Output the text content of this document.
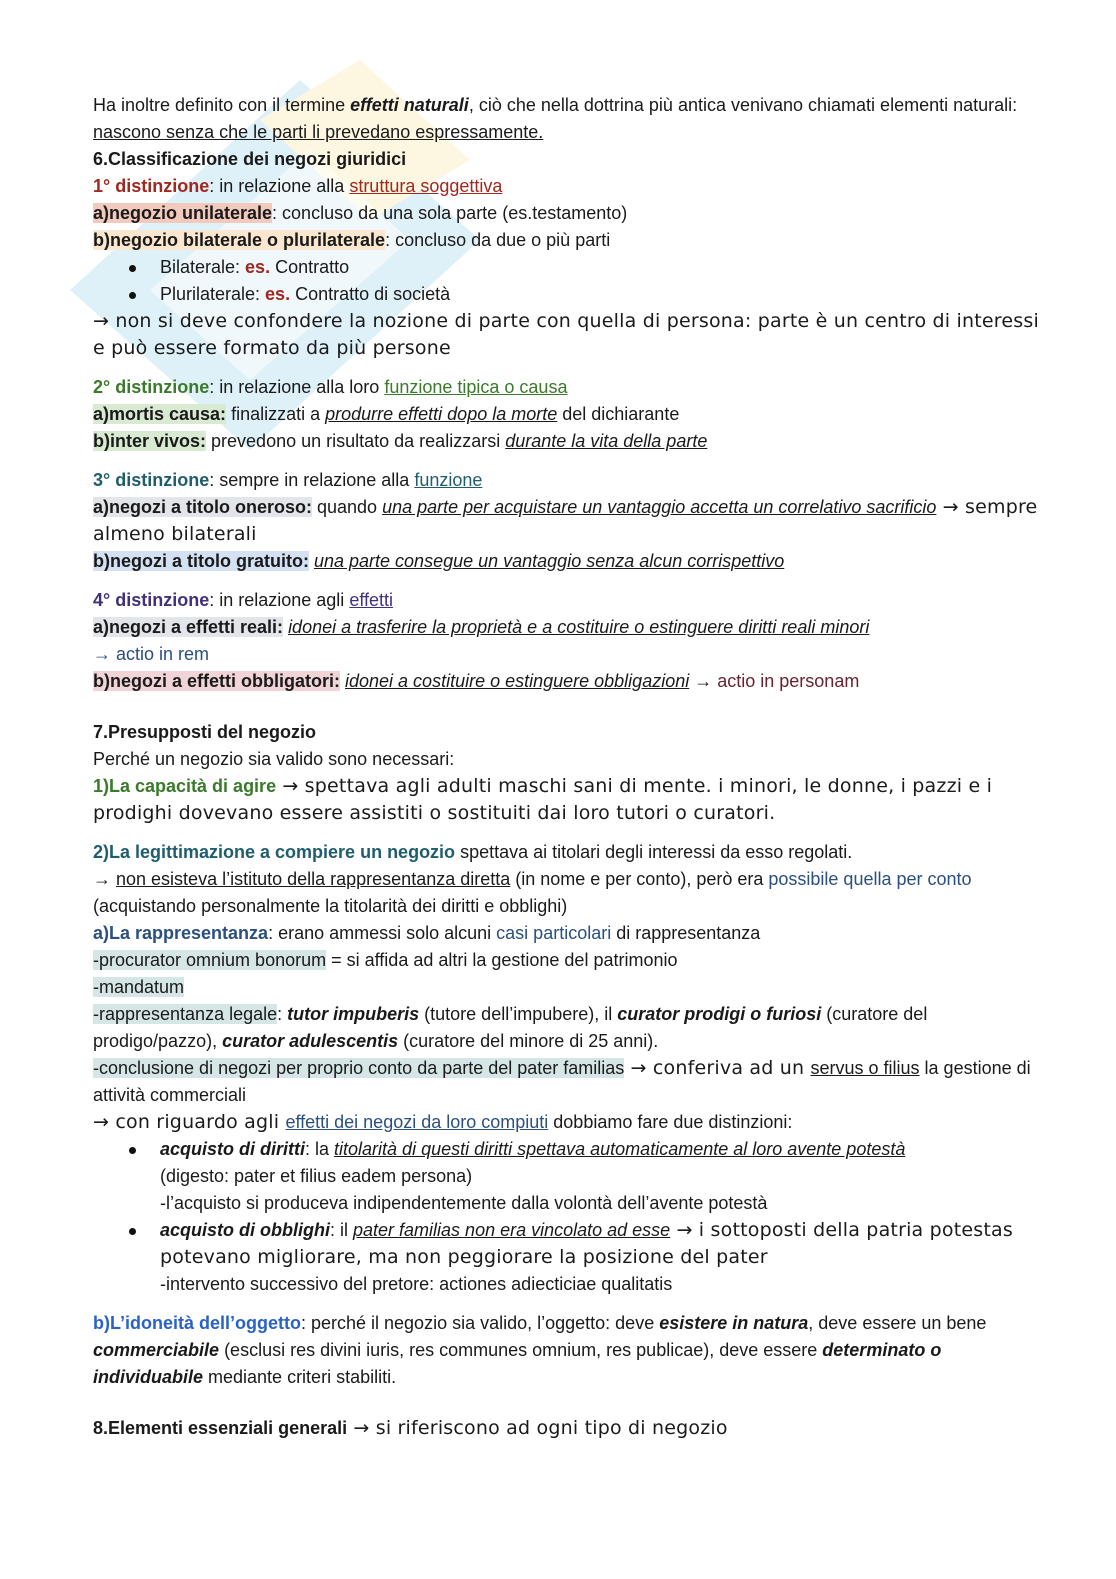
Ha inoltre definito con il termine effetti naturali, ciò che nella dottrina più antica venivano chiamati elementi naturali: nascono senza che le parti li prevedano espressamente.

6.Classificazione dei negozi giuridici

1° distinzione: in relazione alla struttura soggettiva

a)negozio unilaterale: concluso da una sola parte (es.testamento)

b)negozio bilaterale o plurilaterale: concluso da due o più parti

Bilaterale: es. Contratto
Plurilaterale: es. Contratto di società

→ non si deve confondere la nozione di parte con quella di persona: parte è un centro di interessi e può essere formato da più persone

2° distinzione: in relazione alla loro funzione tipica o causa

a)mortis causa: finalizzati a produrre effetti dopo la morte del dichiarante

b)inter vivos: prevedono un risultato da realizzarsi durante la vita della parte

3° distinzione: sempre in relazione alla funzione

a)negozi a titolo oneroso: quando una parte per acquistare un vantaggio accetta un correlativo sacrificio → sempre almeno bilaterali

b)negozi a titolo gratuito: una parte consegue un vantaggio senza alcun corrispettivo

4° distinzione: in relazione agli effetti

a)negozi a effetti reali: idonei a trasferire la proprietà e a costituire o estinguere diritti reali minori

→ actio in rem

b)negozi a effetti obbligatori: idonei a costituire o estinguere obbligazioni → actio in personam

7.Presupposti del negozio

Perché un negozio sia valido sono necessari:

1)La capacità di agire → spettava agli adulti maschi sani di mente. i minori, le donne, i pazzi e i prodighi dovevano essere assistiti o sostituiti dai loro tutori o curatori.

2)La legittimazione a compiere un negozio spettava ai titolari degli interessi da esso regolati.

→ non esisteva l’istituto della rappresentanza diretta (in nome e per conto), però era possibile quella per conto (acquistando personalmente la titolarità dei diritti e obblighi)

a)La rappresentanza: erano ammessi solo alcuni casi particolari di rappresentanza

-procurator omnium bonorum = si affida ad altri la gestione del patrimonio

-mandatum

-rappresentanza legale: tutor impuberis (tutore dell’impubere), il curator prodigi o furiosi (curatore del prodigo/pazzo), curator adulescentis (curatore del minore di 25 anni).

-conclusione di negozi per proprio conto da parte del pater familias → conferiva ad un servus o filius la gestione di attività commerciali

→ con riguardo agli effetti dei negozi da loro compiuti dobbiamo fare due distinzioni:

acquisto di diritti: la titolarità di questi diritti spettava automaticamente al loro avente potestà
(digesto: pater et filius eadem persona)
-l’acquisto si produceva indipendentemente dalla volontà dell’avente potestà
acquisto di obblighi: il pater familias non era vincolato ad esse → i sottoposti della patria potestas potevano migliorare, ma non peggiorare la posizione del pater
-intervento successivo del pretore: actiones adiecticiae qualitatis

b)L’idoneità dell’oggetto: perché il negozio sia valido, l’oggetto: deve esistere in natura, deve essere un bene commerciabile (esclusi res divini iuris, res communes omnium, res publicae), deve essere determinato o individuabile mediante criteri stabiliti.

8.Elementi essenziali generali → si riferiscono ad ogni tipo di negozio
